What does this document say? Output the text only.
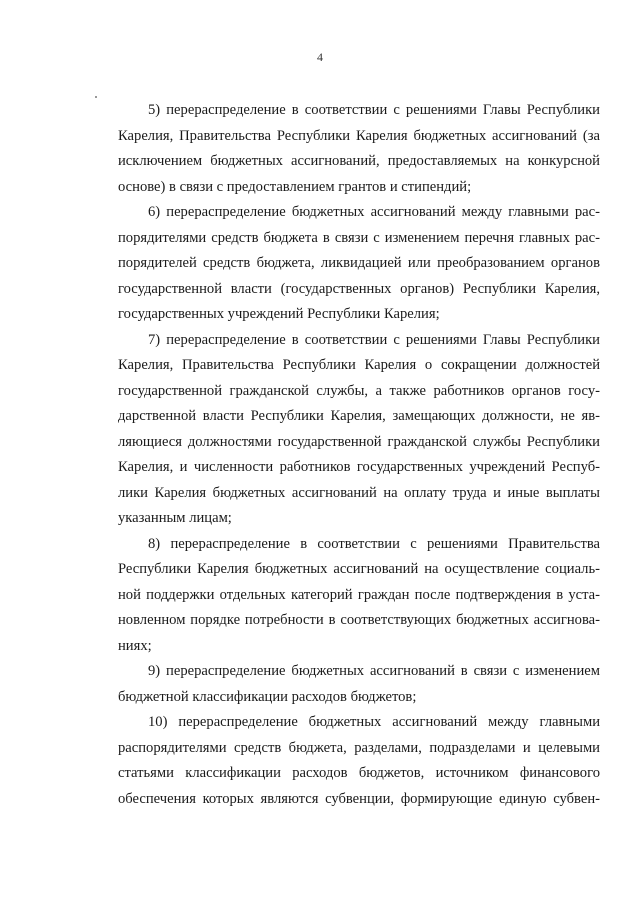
4
5) перераспределение в соответствии с решениями Главы Республики
Карелия, Правительства Республики Карелия бюджетных ассигнований (за
исключением бюджетных ассигнований, предоставляемых на конкурсной
основе) в связи с предоставлением грантов и стипендий;
6) перераспределение бюджетных ассигнований между главными рас-
порядителями средств бюджета в связи с изменением перечня главных рас-
порядителей средств бюджета, ликвидацией или преобразованием органов
государственной власти (государственных органов) Республики Карелия,
государственных учреждений Республики Карелия;
7) перераспределение в соответствии с решениями Главы Республики
Карелия, Правительства Республики Карелия о сокращении должностей
государственной гражданской службы, а также работников органов госу-
дарственной власти Республики Карелия, замещающих должности, не яв-
ляющиеся должностями государственной гражданской службы Республики
Карелия, и численности работников государственных учреждений Респуб-
лики Карелия бюджетных ассигнований на оплату труда и иные выплаты
указанным лицам;
8) перераспределение в соответствии с решениями Правительства
Республики Карелия бюджетных ассигнований на осуществление социаль-
ной поддержки отдельных категорий граждан после подтверждения в уста-
новленном порядке потребности в соответствующих бюджетных ассигнова-
ниях;
9) перераспределение бюджетных ассигнований в связи с изменением
бюджетной классификации расходов бюджетов;
10) перераспределение бюджетных ассигнований между главными
распорядителями средств бюджета, разделами, подразделами и целевыми
статьями классификации расходов бюджетов, источником финансового
обеспечения которых являются субвенции, формирующие единую субвен-
